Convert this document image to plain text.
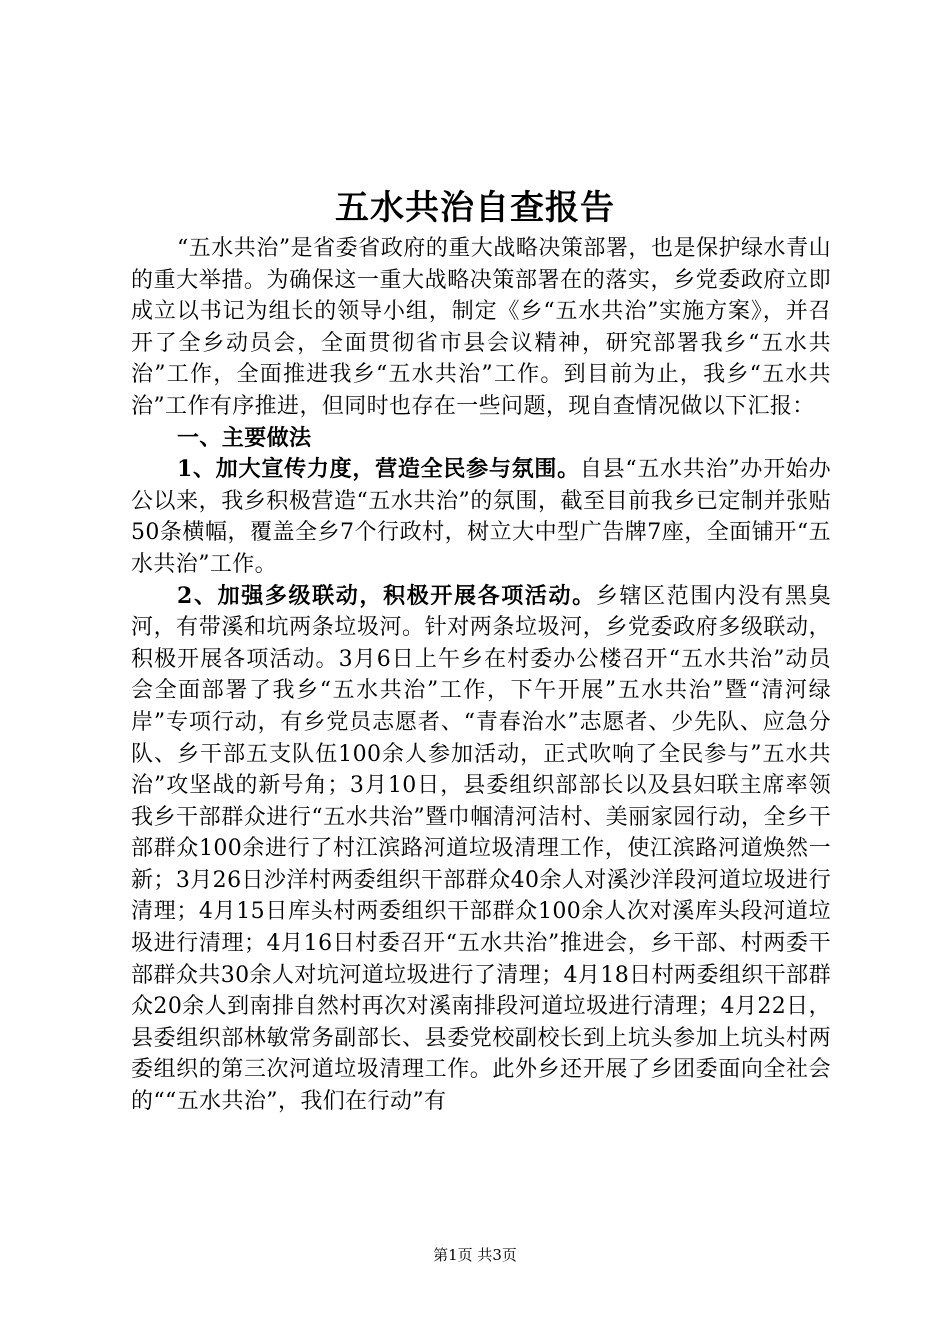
五水共治自查报告

“五水共治”是省委省政府的重大战略决策部署，也是保护绿水青山的重大举措。为确保这一重大战略决策部署在的落实，乡党委政府立即成立以书记为组长的领导小组，制定《乡“五水共治”实施方案》，并召开了全乡动员会，全面贯彻省市县会议精神，研究部署我乡“五水共治”工作，全面推进我乡“五水共治”工作。到目前为止，我乡“五水共治”工作有序推进，但同时也存在一些问题，现自查情况做以下汇报：

一、主要做法

1、加大宣传力度，营造全民参与氛围。自县“五水共治”办开始办公以来，我乡积极营造“五水共治”的氛围，截至目前我乡已定制并张贴50条横幅，覆盖全乡7个行政村，树立大中型广告牌7座，全面铺开“五水共治”工作。

2、加强多级联动，积极开展各项活动。乡辖区范围内没有黑臭河，有带溪和坑两条垃圾河。针对两条垃圾河，乡党委政府多级联动，积极开展各项活动。3月6日上午乡在村委办公楼召开“五水共治”动员会全面部署了我乡“五水共治”工作，下午开展”五水共治”暨“清河绿岸”专项行动，有乡党员志愿者、“青春治水”志愿者、少先队、应急分队、乡干部五支队伍100余人参加活动，正式吹响了全民参与”五水共治”攻坚战的新号角；3月10日，县委组织部部长以及县妇联主席率领我乡干部群众进行“五水共治”暨巾帼清河洁村、美丽家园行动，全乡干部群众100余进行了村江滨路河道垃圾清理工作，使江滨路河道焕然一新；3月26日沙洋村两委组织干部群众40余人对溪沙洋段河道垃圾进行清理；4月15日库头村两委组织干部群众100余人次对溪库头段河道垃圾进行清理；4月16日村委召开“五水共治”推进会，乡干部、村两委干部群众共30余人对坑河道垃圾进行了清理；4月18日村两委组织干部群众20余人到南排自然村再次对溪南排段河道垃圾进行清理；4月22日，县委组织部林敏常务副部长、县委党校副校长到上坑头参加上坑头村两委组织的第三次河道垃圾清理工作。此外乡还开展了乡团委面向全社会的““五水共治”，我们在行动”有

第1页 共3页
